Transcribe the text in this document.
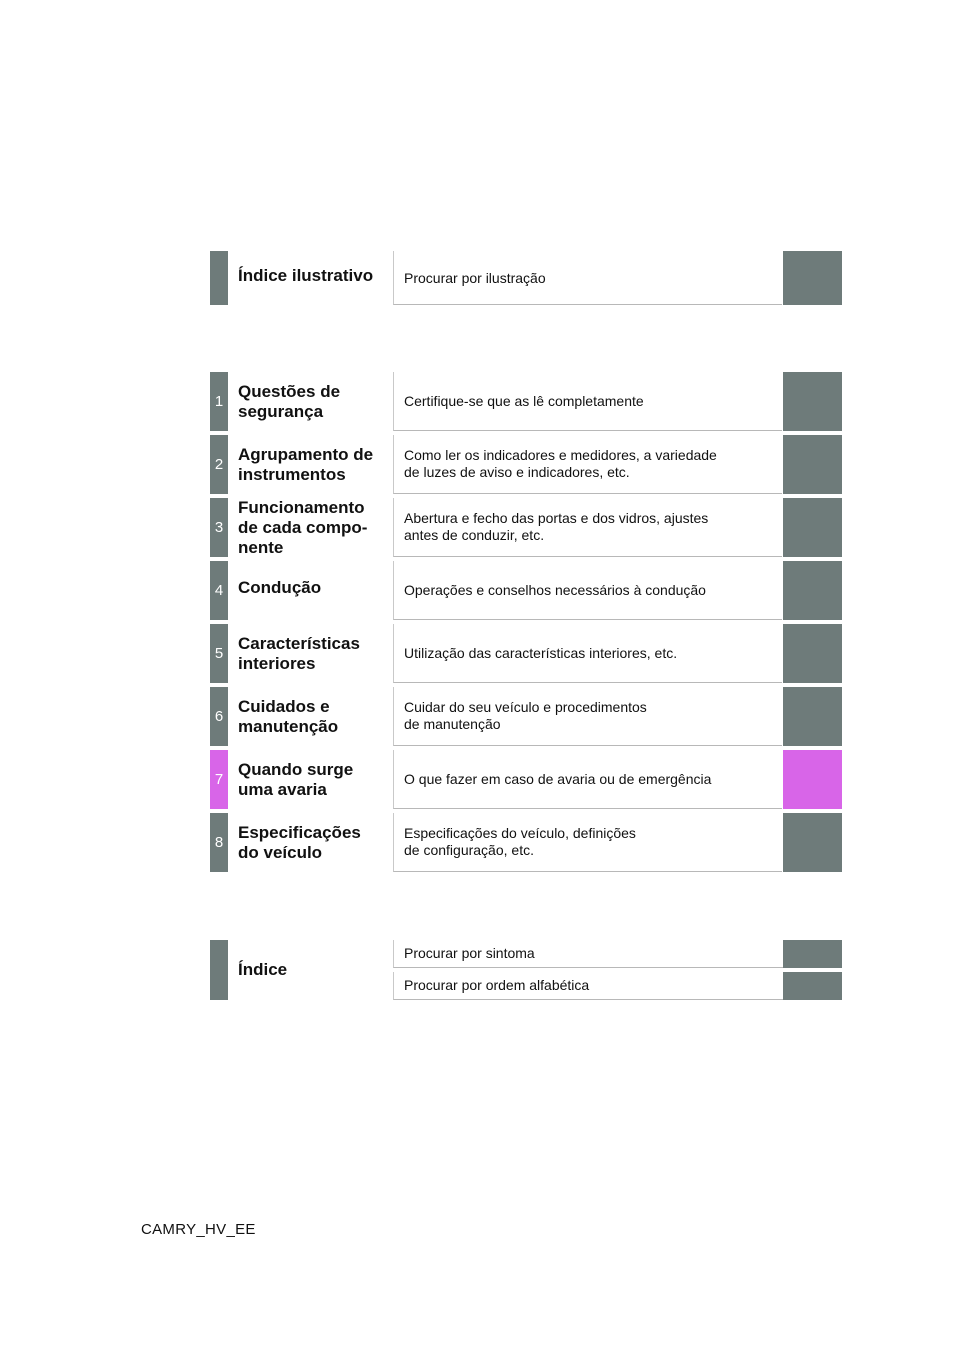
Índice ilustrativo Procurar por ilustração
1
Questões de
segurança
Certifique-se que as lê completamente
2
Agrupamento de
instrumentos
Como ler os indicadores e medidores, a variedade
de luzes de aviso e indicadores, etc.
3
Funcionamento
de cada compo-
nente
Abertura e fecho das portas e dos vidros, ajustes
antes de conduzir, etc.
4 Condução	Operações e conselhos necessários à condução
5
Características
interiores
Utilização das características interiores, etc.
6
Cuidados e
manutenção
Cuidar do seu veículo e procedimentos
de manutenção
7
Quando surge
uma avaria
O que fazer em caso de avaria ou de emergência
8
Especificações
do veículo
Especificações do veículo, definições
de configuração, etc.
Índice
Procurar por sintoma
Procurar por ordem alfabética
CAMRY_HV_EE
